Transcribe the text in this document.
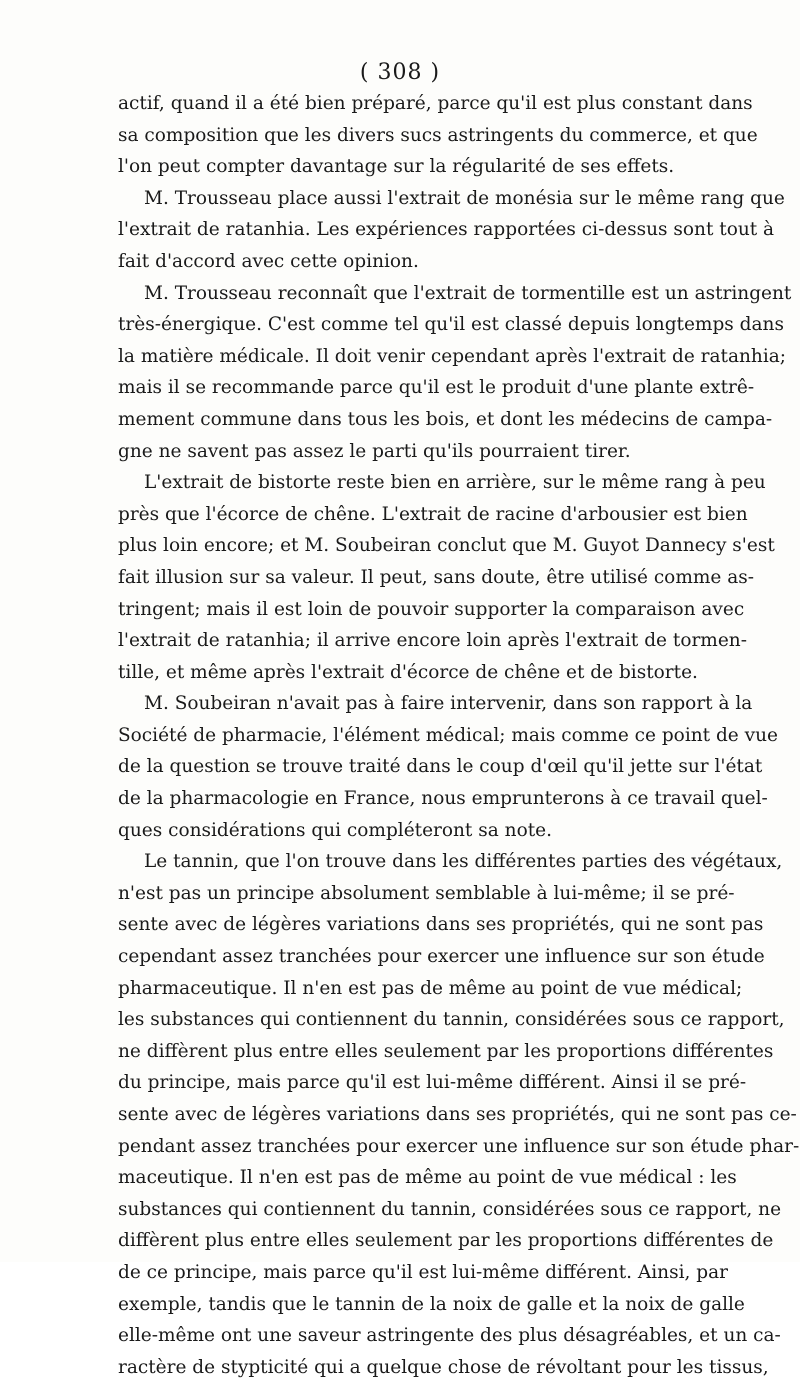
( 308 )
actif, quand il a été bien préparé, parce qu'il est plus constant dans
sa composition que les divers sucs astringents du commerce, et que
l'on peut compter davantage sur la régularité de ses effets.
M. Trousseau place aussi l'extrait de monésia sur le même rang que
l'extrait de ratanhia. Les expériences rapportées ci-dessus sont tout à
fait d'accord avec cette opinion.
M. Trousseau reconnaît que l'extrait de tormentille est un astringent
très-énergique. C'est comme tel qu'il est classé depuis longtemps dans
la matière médicale. Il doit venir cependant après l'extrait de ratanhia;
mais il se recommande parce qu'il est le produit d'une plante extrê-
mement commune dans tous les bois, et dont les médecins de campa-
gne ne savent pas assez le parti qu'ils pourraient tirer.
L'extrait de bistorte reste bien en arrière, sur le même rang à peu
près que l'écorce de chêne. L'extrait de racine d'arbousier est bien
plus loin encore; et M. Soubeiran conclut que M. Guyot Dannecy s'est
fait illusion sur sa valeur. Il peut, sans doute, être utilisé comme as-
tringent; mais il est loin de pouvoir supporter la comparaison avec
l'extrait de ratanhia; il arrive encore loin après l'extrait de tormen-
tille, et même après l'extrait d'écorce de chêne et de bistorte.
M. Soubeiran n'avait pas à faire intervenir, dans son rapport à la
Société de pharmacie, l'élément médical; mais comme ce point de vue
de la question se trouve traité dans le coup d'œil qu'il jette sur l'état
de la pharmacologie en France, nous emprunterons à ce travail quel-
ques considérations qui compléteront sa note.
Le tannin, que l'on trouve dans les différentes parties des végétaux,
n'est pas un principe absolument semblable à lui-même; il se pré-
sente avec de légères variations dans ses propriétés, qui ne sont pas
cependant assez tranchées pour exercer une influence sur son étude
pharmaceutique. Il n'en est pas de même au point de vue médical;
les substances qui contiennent du tannin, considérées sous ce rapport,
ne diffèrent plus entre elles seulement par les proportions différentes
du principe, mais parce qu'il est lui-même différent. Ainsi il se pré-
sente avec de légères variations dans ses propriétés, qui ne sont pas ce-
pendant assez tranchées pour exercer une influence sur son étude phar-
maceutique. Il n'en est pas de même au point de vue médical : les
substances qui contiennent du tannin, considérées sous ce rapport, ne
diffèrent plus entre elles seulement par les proportions différentes de
de ce principe, mais parce qu'il est lui-même différent. Ainsi, par
exemple, tandis que le tannin de la noix de galle et la noix de galle
elle-même ont une saveur astringente des plus désagréables, et un ca-
ractère de stypticité qui a quelque chose de révoltant pour les tissus,
